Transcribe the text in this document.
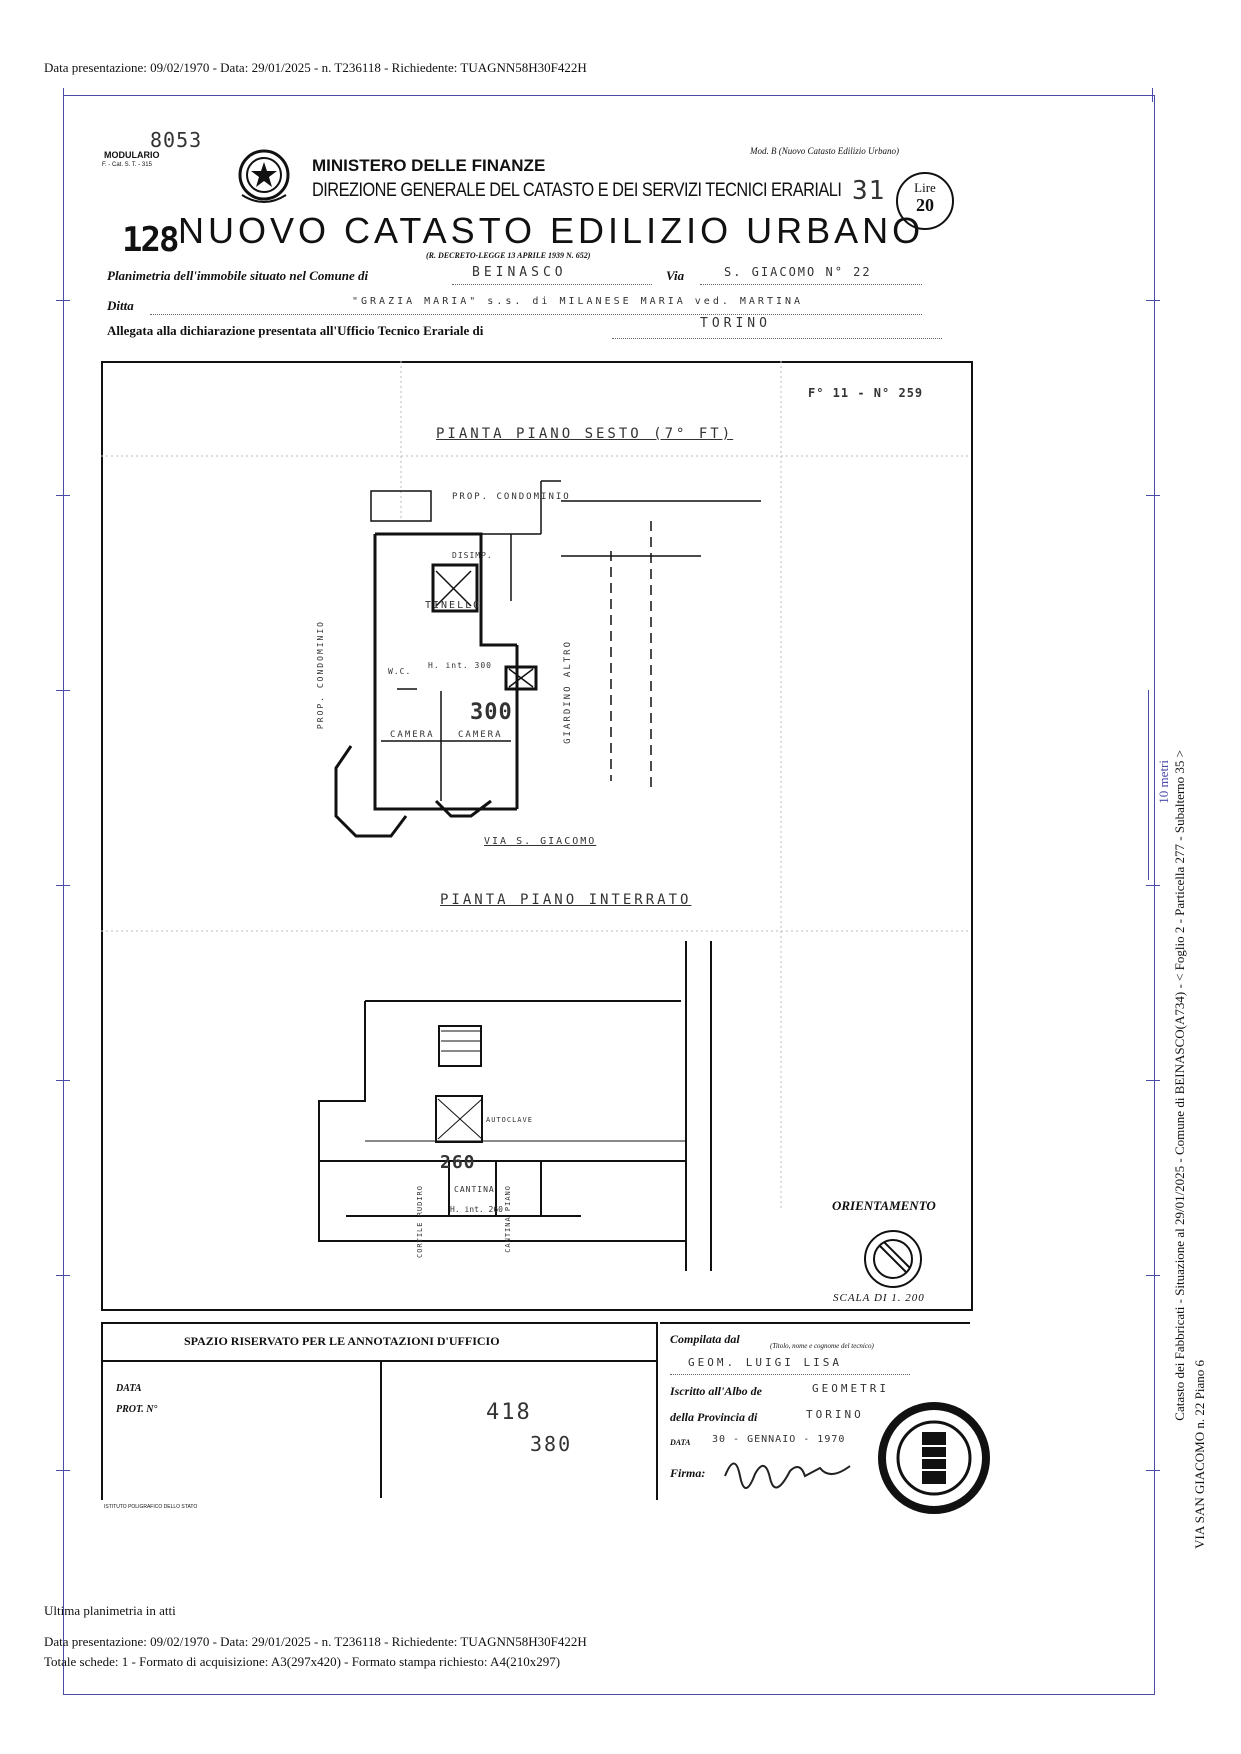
Data presentazione: 09/02/1970 - Data: 29/01/2025 - n. T236118 - Richiedente: TUAGNN58H30F422H
8053
MODULARIO
F. - Cat. S. T. - 315
Mod. B (Nuovo Catasto Edilizio Urbano)
MINISTERO DELLE FINANZE
DIREZIONE GENERALE DEL CATASTO E DEI SERVIZI TECNICI ERARIALI 31	Lire
20
128 NUOVO CATASTO EDILIZIO URBANO
(R. DECRETO-LEGGE 13 APRILE 1939 N. 652)
Planimetria dell'immobile situato nel Comune di	BEINASCO	Via	S. GIACOMO N° 22
Ditta	"GRAZIA MARIA" s.s. di MILANESE MARIA ved. MARTINA
Allegata alla dichiarazione presentata all'Ufficio Tecnico Erariale di	TORINO
F° 11 - N° 259
PIANTA PIANO SESTO (7° FT)
PROP. CONDOMINIO
PROP. CONDOMINIO
DISIMP.
TINELLO
W.C.
H. int. 300
300
CAMERA	CAMERA	GIARDINO ALTRO
VIA S. GIACOMO
PIANTA PIANO INTERRATO
AUTOCLAVE
260
CORTILE RUDIRO	CANTINA
H. int. 260 CANTINA PIANO	ORIENTAMENTO
SCALA DI 1. 200
SPAZIO RISERVATO PER LE ANNOTAZIONI D'UFFICIO
DATA
PROT. N°	418
380
ISTITUTO POLIGRAFICO DELLO STATO
Compilata dal	(Titolo, nome e cognome del tecnico)
GEOM. LUIGI LISA
Iscritto all'Albo de	GEOMETRI
della Provincia di	TORINO
DATA 30 - GENNAIO - 1970
Firma:
10 metri Catasto dei Fabbricati - Situazione al 29/01/2025 - Comune di BEINASCO(A734) - < Foglio 2 - Particella 277 - Subalterno 35 >
VIA SAN GIACOMO n. 22 Piano 6
Ultima planimetria in atti
Data presentazione: 09/02/1970 - Data: 29/01/2025 - n. T236118 - Richiedente: TUAGNN58H30F422H
Totale schede: 1 - Formato di acquisizione: A3(297x420) - Formato stampa richiesto: A4(210x297)
